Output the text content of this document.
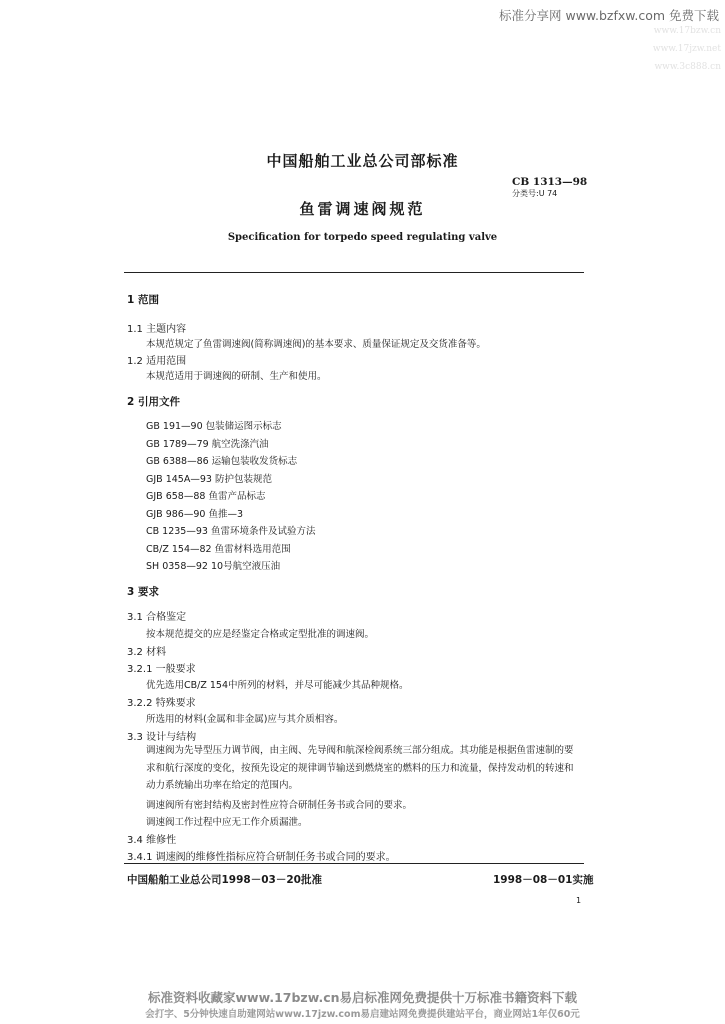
标准分享网 www.bzfxw.com 免费下载
www.17bzw.cn
www.17jzw.net
www.3c888.cn
中国船舶工业总公司部标准
CB 1313—98
分类号:U 74
鱼雷调速阀规范
Specification for torpedo speed regulating valve
1 范围
1.1 主题内容
本规范规定了鱼雷调速阀(简称调速阀)的基本要求、质量保证规定及交货准备等。
1.2 适用范围
本规范适用于调速阀的研制、生产和使用。
2 引用文件
GB 191—90 包装储运图示标志
GB 1789—79 航空洗涤汽油
GB 6388—86 运输包装收发货标志
GJB 145A—93 防护包装规范
GJB 658—88 鱼雷产品标志
GJB 986—90 鱼推—3
CB 1235—93 鱼雷环境条件及试验方法
CB/Z 154—82 鱼雷材料选用范围
SH 0358—92 10号航空液压油
3 要求
3.1 合格鉴定
按本规范提交的应是经鉴定合格或定型批准的调速阀。
3.2 材料
3.2.1 一般要求
优先选用CB/Z 154中所列的材料，并尽可能减少其品种规格。
3.2.2 特殊要求
所选用的材料(金属和非金属)应与其介质相容。
3.3 设计与结构
调速阀为先导型压力调节阀，由主阀、先导阀和航深检阀系统三部分组成。其功能是根据鱼雷速制的要求和航行深度的变化，按预先设定的规律调节输送到燃烧室的燃料的压力和流量，保持发动机的转速和动力系统输出功率在给定的范围内。
调速阀所有密封结构及密封性应符合研制任务书或合同的要求。
调速阀工作过程中应无工作介质漏泄。
3.4 维修性
3.4.1 调速阀的维修性指标应符合研制任务书或合同的要求。
中国船舶工业总公司1998－03－20批准	1998－08－01实施
1
标准资料收藏家www.17bzw.cn易启标准网免费提供十万标准书籍资料下载
会打字、5分钟快速自助建网站www.17jzw.com易启建站网免费提供建站平台，商业网站1年仅60元
